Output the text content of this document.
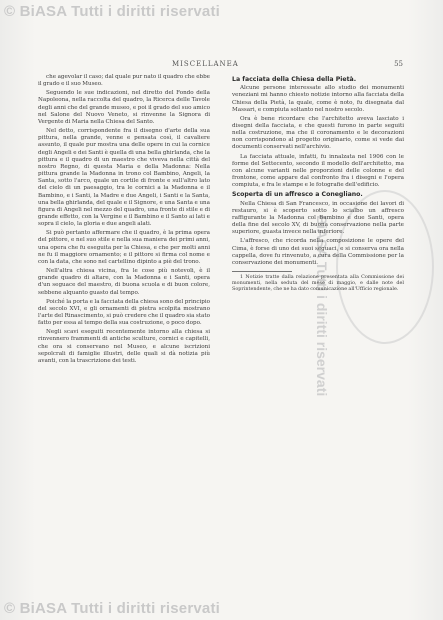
© BiASA Tutti i diritti riservati
© BiASA Tutti i diritti riservati
BiASA Tutti i diritti riservati
MISCELLANEA	55

che agevolar il caso; dal quale pur nato il quadro che ebbe il grado e il suo Museo.

Seguendo le sue indicazioni, nel diretto del Fondo della Napoleona, nella raccolta del quadro, la Ricerca delle Tavole degli anni che del grande museo, e poi il grado del suo amico nel Salone del Nuovo Veneto, si rinvenne la Signora di Vergente di Maria nella Chiesa del Santo.

Nel detto, corrispondente fra il disegno d'arte della sua pittura, nella grande, venne e pensata così, il cavaliere assunto, il quale pur mostra una delle opere in cui la cornice degli Angeli e dei Santi è quella di una bella ghirlanda, che la pittura e il quadro di un maestro che viveva nella città del nostro Regno, di questa Maria e della Madonna: Nella pittura grande la Madonna in trono col Bambino, Angeli, la Santa, sotto l'arco, quale un cortile di fronte e sull'altro lato del cielo di un paesaggio, tra le cornici a la Madonna e il Bambino, e i Santi, la Madre e due Angeli, i Santi e la Santa, una bella ghirlanda, del quale e il Signore, e una Santa e una figura di Angeli nel mezzo del quadro, una fronte di stile e di grande effetto, con la Vergine e il Bambino e il Santo ai lati e sopra il cielo, la gloria e due angeli alati.

Si può pertanto affermare che il quadro, è la prima opera del pittore, e nel suo stile e nella sua maniera dei primi anni, una opera che fu eseguita per la Chiesa, e che per molti anni ne fu il maggiore ornamento; e il pittore si firma col nome e con la data, che sono nel cartellino dipinto a piè del trono.

Nell'altra chiesa vicina, fra le cose più notevoli, è il grande quadro di altare, con la Madonna e i Santi, opera d'un seguace del maestro, di buona scuola e di buon colore, sebbene alquanto guasto dal tempo.

Poiché la porta e la facciata della chiesa sono del principio del secolo XVI, e gli ornamenti di pietra scolpita mostrano l'arte del Rinascimento, si può credere che il quadro sia stato fatto per essa al tempo della sua costruzione, o poco dopo.

Negli scavi eseguiti recentemente intorno alla chiesa si rinvennero frammenti di antiche sculture, cornici e capitelli, che ora si conservano nel Museo, e alcune iscrizioni sepolcrali di famiglie illustri, delle quali si dà notizia più avanti, con la trascrizione dei testi.

La facciata della Chiesa della Pietà.

Alcune persone interessate allo studio dei monumenti veneziani mi hanno chiesto notizie intorno alla facciata della Chiesa della Pietà, la quale, come è noto, fu disegnata dal Massari, e compiuta soltanto nel nostro secolo.

Ora è bene ricordare che l'architetto aveva lasciato i disegni della facciata, e che questi furono in parte seguiti nella costruzione, ma che il coronamento e le decorazioni non corrispondono al progetto originario, come si vede dai documenti conservati nell'archivio.

La facciata attuale, infatti, fu innalzata nel 1906 con le forme del Settecento, secondo il modello dell'architetto, ma con alcune varianti nelle proporzioni delle colonne e del frontone, come appare dal confronto fra i disegni e l'opera compiuta, e fra le stampe e le fotografie dell'edificio.

Scoperta di un affresco a Conegliano.

Nella Chiesa di San Francesco, in occasione dei lavori di restauro, si è scoperto sotto lo scialbo un affresco raffigurante la Madonna col Bambino e due Santi, opera della fine del secolo XV, di buona conservazione nella parte superiore, guasta invece nella inferiore.

L'affresco, che ricorda nella composizione le opere del Cima, è forse di uno dei suoi seguaci, e si conserva ora nella cappella, dove fu rinvenuto, a cura della Commissione per la conservazione dei monumenti.

1 Notizie tratte dalla relazione presentata alla Commissione dei monumenti, nella seduta del mese di maggio, e dalle note del Soprintendente, che ne ha dato comunicazione all'Ufficio regionale.
